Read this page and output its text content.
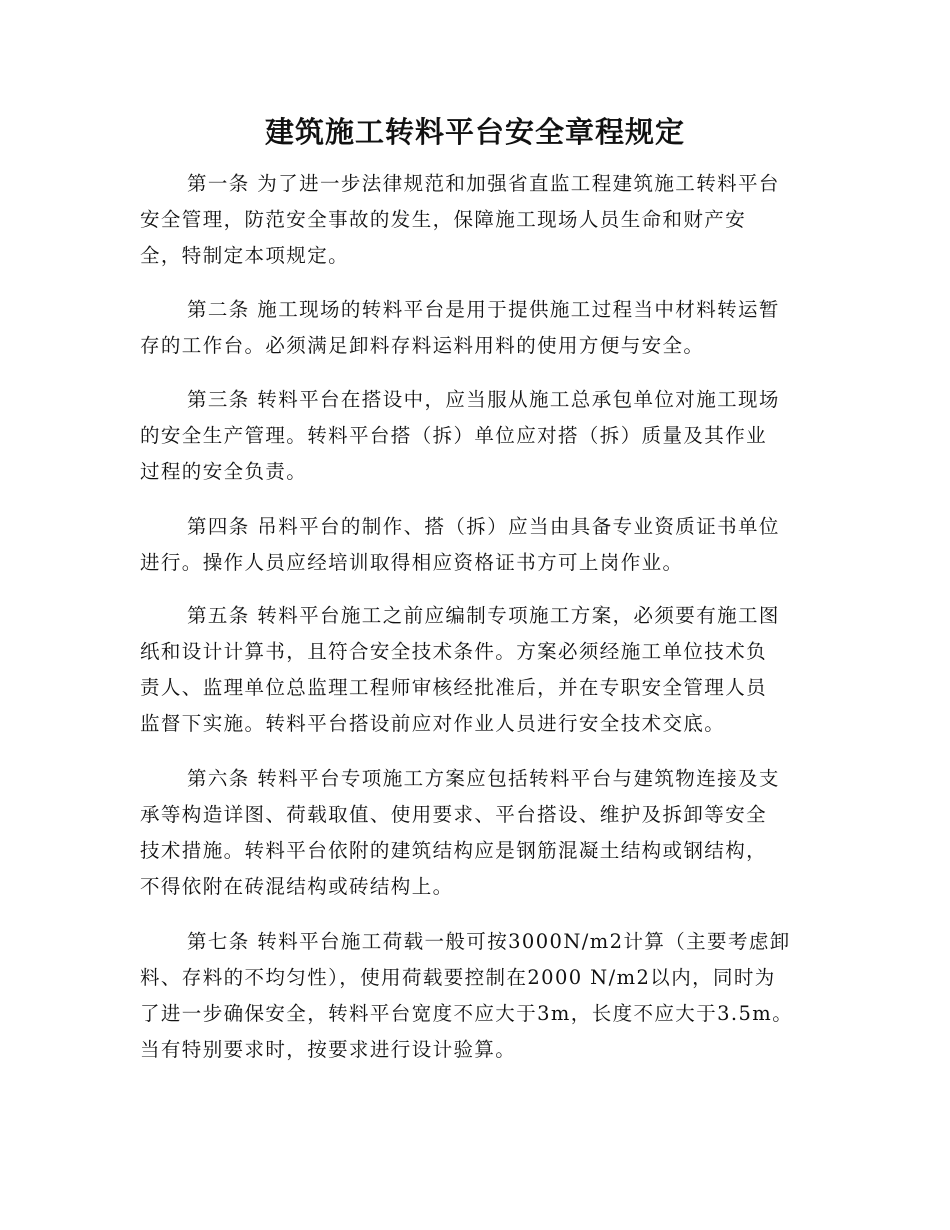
建筑施工转料平台安全章程规定
第一条 为了进一步法律规范和加强省直监工程建筑施工转料平台
安全管理，防范安全事故的发生，保障施工现场人员生命和财产安
全，特制定本项规定。
第二条 施工现场的转料平台是用于提供施工过程当中材料转运暂
存的工作台。必须满足卸料存料运料用料的使用方便与安全。
第三条 转料平台在搭设中，应当服从施工总承包单位对施工现场
的安全生产管理。转料平台搭（拆）单位应对搭（拆）质量及其作业
过程的安全负责。
第四条 吊料平台的制作、搭（拆）应当由具备专业资质证书单位
进行。操作人员应经培训取得相应资格证书方可上岗作业。
第五条 转料平台施工之前应编制专项施工方案，必须要有施工图
纸和设计计算书，且符合安全技术条件。方案必须经施工单位技术负
责人、监理单位总监理工程师审核经批准后，并在专职安全管理人员
监督下实施。转料平台搭设前应对作业人员进行安全技术交底。
第六条 转料平台专项施工方案应包括转料平台与建筑物连接及支
承等构造详图、荷载取值、使用要求、平台搭设、维护及拆卸等安全
技术措施。转料平台依附的建筑结构应是钢筋混凝土结构或钢结构，
不得依附在砖混结构或砖结构上。
第七条 转料平台施工荷载一般可按3000N/m2计算（主要考虑卸
料、存料的不均匀性），使用荷载要控制在2000 N/m2以内，同时为
了进一步确保安全，转料平台宽度不应大于3m，长度不应大于3.5m。
当有特别要求时，按要求进行设计验算。
